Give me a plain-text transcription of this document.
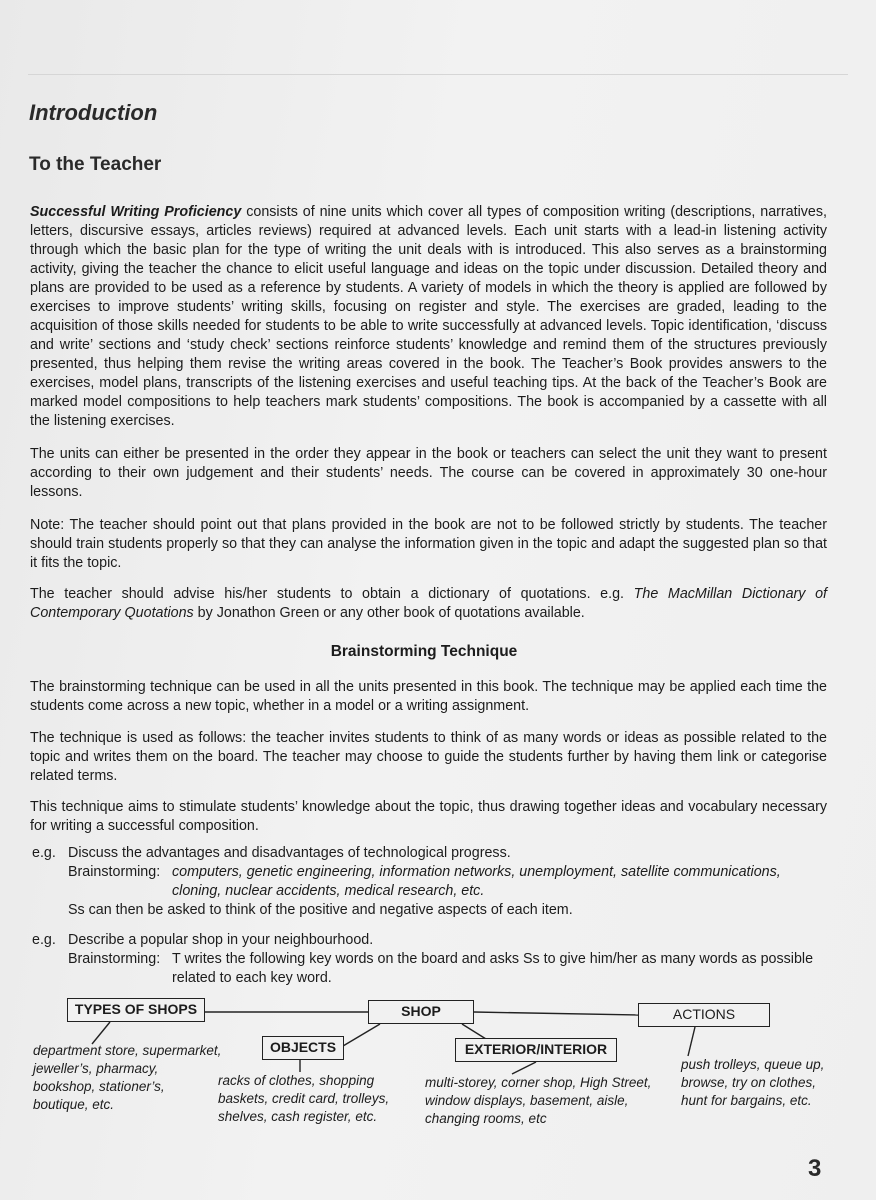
Introduction
To the Teacher

Successful Writing Proficiency consists of nine units which cover all types of composition writing (descriptions, narratives, letters, discursive essays, articles reviews) required at advanced levels. Each unit starts with a lead-in listening activity through which the basic plan for the type of writing the unit deals with is introduced. This also serves as a brainstorming activity, giving the teacher the chance to elicit useful language and ideas on the topic under discussion. Detailed theory and plans are provided to be used as a reference by students. A variety of models in which the theory is applied are followed by exercises to improve students’ writing skills, focusing on register and style. The exercises are graded, leading to the acquisition of those skills needed for students to be able to write successfully at advanced levels. Topic identification, ‘discuss and write’ sections and ‘study check’ sections reinforce students’ knowledge and remind them of the structures previously presented, thus helping them revise the writing areas covered in the book. The Teacher’s Book provides answers to the exercises, model plans, transcripts of the listening exercises and useful teaching tips. At the back of the Teacher’s Book are marked model compositions to help teachers mark students’ compositions. The book is accompanied by a cassette with all the listening exercises.

The units can either be presented in the order they appear in the book or teachers can select the unit they want to present according to their own judgement and their students’ needs. The course can be covered in approximately 30 one-hour lessons.

Note: The teacher should point out that plans provided in the book are not to be followed strictly by students. The teacher should train students properly so that they can analyse the information given in the topic and adapt the suggested plan so that it fits the topic.

The teacher should advise his/her students to obtain a dictionary of quotations. e.g. The MacMillan Dictionary of Contemporary Quotations by Jonathon Green or any other book of quotations available.

Brainstorming Technique

The brainstorming technique can be used in all the units presented in this book. The technique may be applied each time the students come across a new topic, whether in a model or a writing assignment.

The technique is used as follows: the teacher invites students to think of as many words or ideas as possible related to the topic and writes them on the board. The teacher may choose to guide the students further by having them link or categorise related terms.

This technique aims to stimulate students’ knowledge about the topic, thus drawing together ideas and vocabulary necessary for writing a successful composition.

e.g. Discuss the advantages and disadvantages of technological progress.
Brainstorming: computers, genetic engineering, information networks, unemployment, satellite communications, cloning, nuclear accidents, medical research, etc.
Ss can then be asked to think of the positive and negative aspects of each item.
e.g. Describe a popular shop in your neighbourhood.
Brainstorming: T writes the following key words on the board and asks Ss to give him/her as many words as possible related to each key word.
TYPES OF SHOPS	SHOP	ACTIONS
OBJECTS	EXTERIOR/INTERIOR
department store, supermarket, jeweller’s, pharmacy, bookshop, stationer’s, boutique, etc.
racks of clothes, shopping baskets, credit card, trolleys, shelves, cash register, etc.
multi-storey, corner shop, High Street, window displays, basement, aisle, changing rooms, etc
push trolleys, queue up, browse, try on clothes, hunt for bargains, etc.
3
